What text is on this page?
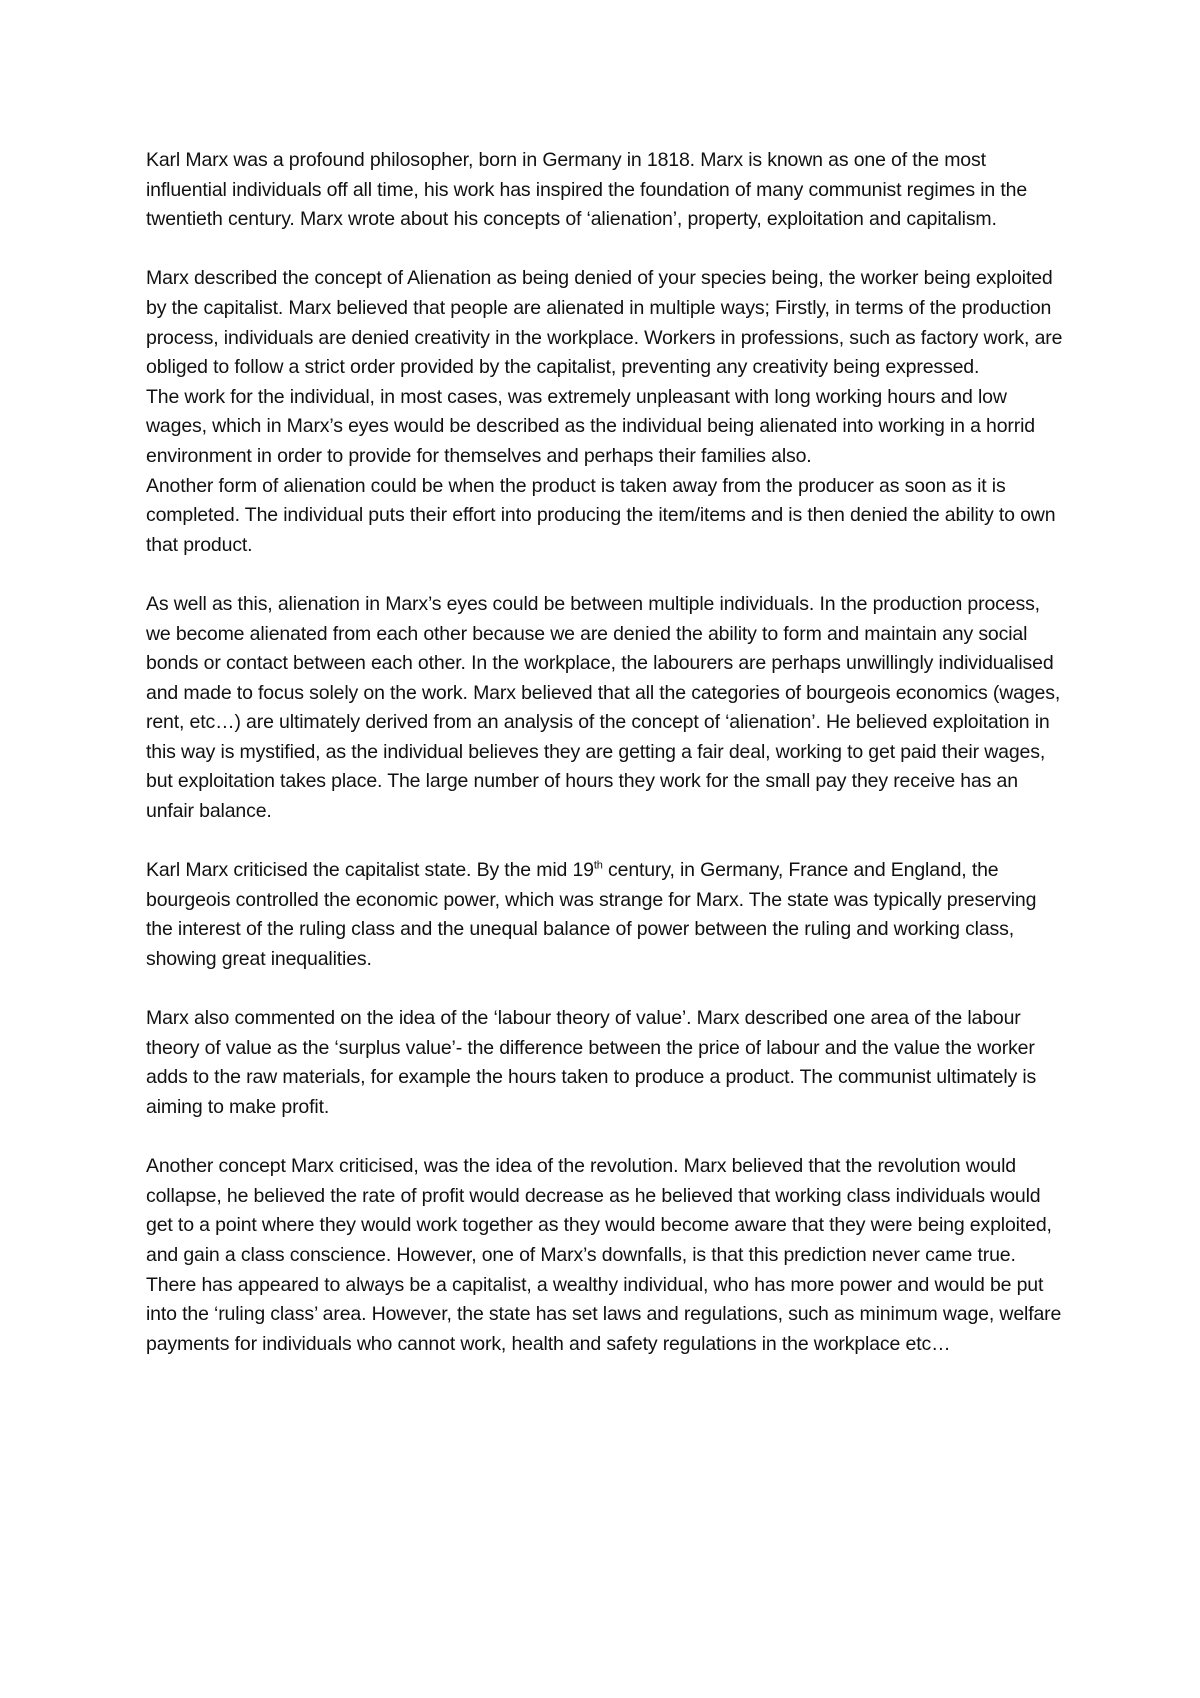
Karl Marx was a profound philosopher, born in Germany in 1818. Marx is known as one of the most influential individuals off all time, his work has inspired the foundation of many communist regimes in the twentieth century. Marx wrote about his concepts of ‘alienation’, property, exploitation and capitalism.

Marx described the concept of Alienation as being denied of your species being, the worker being exploited by the capitalist. Marx believed that people are alienated in multiple ways; Firstly, in terms of the production process, individuals are denied creativity in the workplace. Workers in professions, such as factory work, are obliged to follow a strict order provided by the capitalist, preventing any creativity being expressed.

The work for the individual, in most cases, was extremely unpleasant with long working hours and low wages, which in Marx’s eyes would be described as the individual being alienated into working in a horrid environment in order to provide for themselves and perhaps their families also.

Another form of alienation could be when the product is taken away from the producer as soon as it is completed. The individual puts their effort into producing the item/items and is then denied the ability to own that product.

As well as this, alienation in Marx’s eyes could be between multiple individuals. In the production process, we become alienated from each other because we are denied the ability to form and maintain any social bonds or contact between each other. In the workplace, the labourers are perhaps unwillingly individualised and made to focus solely on the work. Marx believed that all the categories of bourgeois economics (wages, rent, etc…) are ultimately derived from an analysis of the concept of ‘alienation’. He believed exploitation in this way is mystified, as the individual believes they are getting a fair deal, working to get paid their wages, but exploitation takes place. The large number of hours they work for the small pay they receive has an unfair balance.

Karl Marx criticised the capitalist state. By the mid 19th century, in Germany, France and England, the bourgeois controlled the economic power, which was strange for Marx. The state was typically preserving the interest of the ruling class and the unequal balance of power between the ruling and working class, showing great inequalities.

Marx also commented on the idea of the ‘labour theory of value’. Marx described one area of the labour theory of value as the ‘surplus value’- the difference between the price of labour and the value the worker adds to the raw materials, for example the hours taken to produce a product. The communist ultimately is aiming to make profit.

Another concept Marx criticised, was the idea of the revolution. Marx believed that the revolution would collapse, he believed the rate of profit would decrease as he believed that working class individuals would get to a point where they would work together as they would become aware that they were being exploited, and gain a class conscience. However, one of Marx’s downfalls, is that this prediction never came true. There has appeared to always be a capitalist, a wealthy individual, who has more power and would be put into the ‘ruling class’ area. However, the state has set laws and regulations, such as minimum wage, welfare payments for individuals who cannot work, health and safety regulations in the workplace etc…
